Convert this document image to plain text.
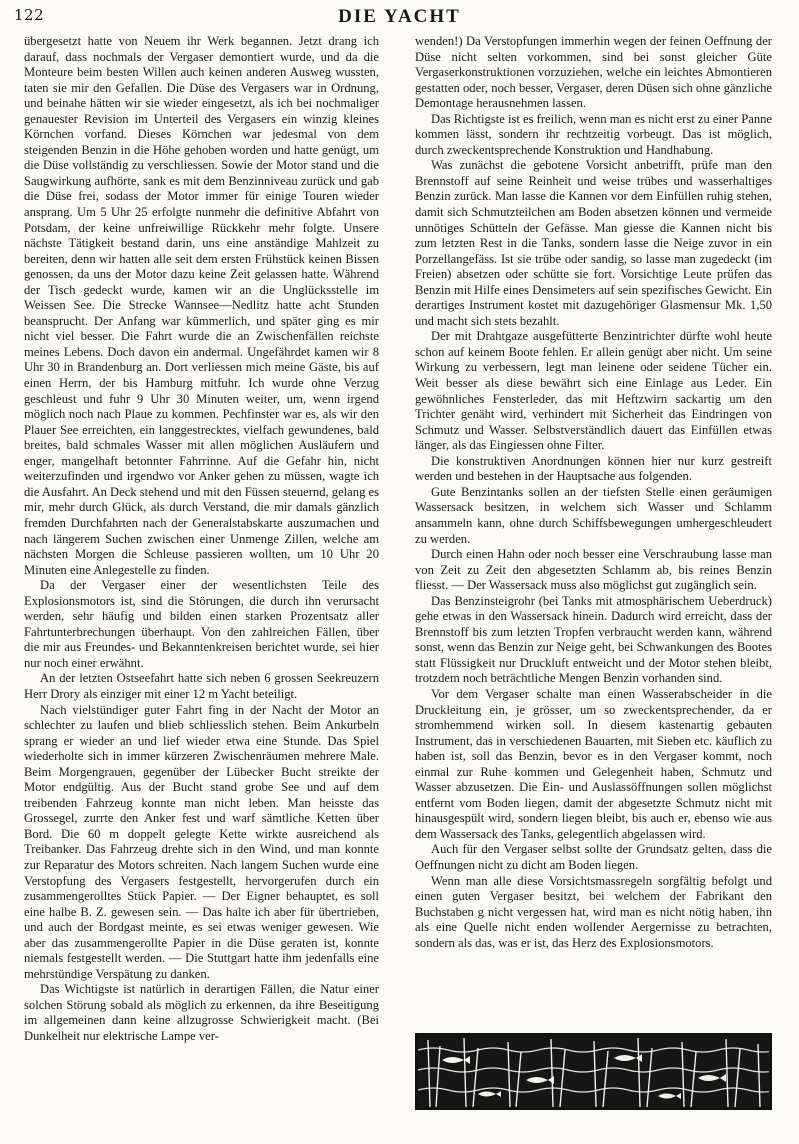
122	DIE YACHT

übergesetzt hatte von Neuem ihr Werk begannen. Jetzt drang ich darauf, dass nochmals der Vergaser demontiert wurde, und da die Monteure beim besten Willen auch keinen anderen Ausweg wussten, taten sie mir den Gefallen. Die Düse des Vergasers war in Ordnung, und beinahe hätten wir sie wieder eingesetzt, als ich bei nochmaliger genauester Revision im Unterteil des Vergasers ein winzig kleines Körnchen vorfand. Dieses Körnchen war jedesmal von dem steigenden Benzin in die Höhe gehoben worden und hatte genügt, um die Düse vollständig zu verschliessen. Sowie der Motor stand und die Saugwirkung aufhörte, sank es mit dem Benzinniveau zurück und gab die Düse frei, sodass der Motor immer für einige Touren wieder ansprang. Um 5 Uhr 25 erfolgte nunmehr die definitive Abfahrt von Potsdam, der keine unfreiwillige Rückkehr mehr folgte. Unsere nächste Tätigkeit bestand darin, uns eine anständige Mahlzeit zu bereiten, denn wir hatten alle seit dem ersten Frühstück keinen Bissen genossen, da uns der Motor dazu keine Zeit gelassen hatte. Während der Tisch gedeckt wurde, kamen wir an die Unglücksstelle im Weissen See. Die Strecke Wannsee—Nedlitz hatte acht Stunden beansprucht. Der Anfang war kümmerlich, und später ging es mir nicht viel besser. Die Fahrt wurde die an Zwischenfällen reichste meines Lebens. Doch davon ein andermal. Ungefährdet kamen wir 8 Uhr 30 in Brandenburg an. Dort verliessen mich meine Gäste, bis auf einen Herrn, der bis Hamburg mitfuhr. Ich wurde ohne Verzug geschleust und fuhr 9 Uhr 30 Minuten weiter, um, wenn irgend möglich noch nach Plaue zu kommen. Pechfinster war es, als wir den Plauer See erreichten, ein langgestrecktes, vielfach gewundenes, bald breites, bald schmales Wasser mit allen möglichen Ausläufern und enger, mangelhaft betonnter Fahrrinne. Auf die Gefahr hin, nicht weiterzufinden und irgendwo vor Anker gehen zu müssen, wagte ich die Ausfahrt. An Deck stehend und mit den Füssen steuernd, gelang es mir, mehr durch Glück, als durch Verstand, die mir damals gänzlich fremden Durchfahrten nach der Generalstabskarte auszumachen und nach längerem Suchen zwischen einer Unmenge Zillen, welche am nächsten Morgen die Schleuse passieren wollten, um 10 Uhr 20 Minuten eine Anlegestelle zu finden.

Da der Vergaser einer der wesentlichsten Teile des Explosionsmotors ist, sind die Störungen, die durch ihn verursacht werden, sehr häufig und bilden einen starken Prozentsatz aller Fahrtunterbrechungen überhaupt. Von den zahlreichen Fällen, über die mir aus Freundes- und Bekanntenkreisen berichtet wurde, sei hier nur noch einer erwähnt.

An der letzten Ostseefahrt hatte sich neben 6 grossen Seekreuzern Herr Drory als einziger mit einer 12 m Yacht beteiligt.

Nach vielstündiger guter Fahrt fing in der Nacht der Motor an schlechter zu laufen und blieb schliesslich stehen. Beim Ankurbeln sprang er wieder an und lief wieder etwa eine Stunde. Das Spiel wiederholte sich in immer kürzeren Zwischenräumen mehrere Male. Beim Morgengrauen, gegenüber der Lübecker Bucht streikte der Motor endgültig. Aus der Bucht stand grobe See und auf dem treibenden Fahrzeug konnte man nicht leben. Man heisste das Grossegel, zurrte den Anker fest und warf sämtliche Ketten über Bord. Die 60 m doppelt gelegte Kette wirkte ausreichend als Treibanker. Das Fahrzeug drehte sich in den Wind, und man konnte zur Reparatur des Motors schreiten. Nach langem Suchen wurde eine Verstopfung des Vergasers festgestellt, hervorgerufen durch ein zusammengerolltes Stück Papier. — Der Eigner behauptet, es soll eine halbe B. Z. gewesen sein. — Das halte ich aber für übertrieben, und auch der Bordgast meinte, es sei etwas weniger gewesen. Wie aber das zusammengerollte Papier in die Düse geraten ist, konnte niemals festgestellt werden. — Die Stuttgart hatte ihm jedenfalls eine mehrstündige Verspätung zu danken.

Das Wichtigste ist natürlich in derartigen Fällen, die Natur einer solchen Störung sobald als möglich zu erkennen, da ihre Beseitigung im allgemeinen dann keine allzugrosse Schwierigkeit macht. (Bei Dunkelheit nur elektrische Lampe ver-

wenden!) Da Verstopfungen immerhin wegen der feinen Oeffnung der Düse nicht selten vorkommen, sind bei sonst gleicher Güte Vergaserkonstruktionen vorzuziehen, welche ein leichtes Abmontieren gestatten oder, noch besser, Vergaser, deren Düsen sich ohne gänzliche Demontage herausnehmen lassen.

Das Richtigste ist es freilich, wenn man es nicht erst zu einer Panne kommen lässt, sondern ihr rechtzeitig vorbeugt. Das ist möglich, durch zweckentsprechende Konstruktion und Handhabung.

Was zunächst die gebotene Vorsicht anbetrifft, prüfe man den Brennstoff auf seine Reinheit und weise trübes und wasserhaltiges Benzin zurück. Man lasse die Kannen vor dem Einfüllen ruhig stehen, damit sich Schmutzteilchen am Boden absetzen können und vermeide unnötiges Schütteln der Gefässe. Man giesse die Kannen nicht bis zum letzten Rest in die Tanks, sondern lasse die Neige zuvor in ein Porzellangefäss. Ist sie trübe oder sandig, so lasse man zugedeckt (im Freien) absetzen oder schütte sie fort. Vorsichtige Leute prüfen das Benzin mit Hilfe eines Densimeters auf sein spezifisches Gewicht. Ein derartiges Instrument kostet mit dazugehöriger Glasmensur Mk. 1,50 und macht sich stets bezahlt.

Der mit Drahtgaze ausgefütterte Benzintrichter dürfte wohl heute schon auf keinem Boote fehlen. Er allein genügt aber nicht. Um seine Wirkung zu verbessern, legt man leinene oder seidene Tücher ein. Weit besser als diese bewährt sich eine Einlage aus Leder. Ein gewöhnliches Fensterleder, das mit Heftzwirn sackartig um den Trichter genäht wird, verhindert mit Sicherheit das Eindringen von Schmutz und Wasser. Selbstverständlich dauert das Einfüllen etwas länger, als das Eingiessen ohne Filter.

Die konstruktiven Anordnungen können hier nur kurz gestreift werden und bestehen in der Hauptsache aus folgenden.

Gute Benzintanks sollen an der tiefsten Stelle einen geräumigen Wassersack besitzen, in welchem sich Wasser und Schlamm ansammeln kann, ohne durch Schiffsbewegungen umhergeschleudert zu werden.

Durch einen Hahn oder noch besser eine Verschraubung lasse man von Zeit zu Zeit den abgesetzten Schlamm ab, bis reines Benzin fliesst. — Der Wassersack muss also möglichst gut zugänglich sein.

Das Benzinsteigrohr (bei Tanks mit atmosphärischem Ueberdruck) gehe etwas in den Wassersack hinein. Dadurch wird erreicht, dass der Brennstoff bis zum letzten Tropfen verbraucht werden kann, während sonst, wenn das Benzin zur Neige geht, bei Schwankungen des Bootes statt Flüssigkeit nur Druckluft entweicht und der Motor stehen bleibt, trotzdem noch beträchtliche Mengen Benzin vorhanden sind.

Vor dem Vergaser schalte man einen Wasserabscheider in die Druckleitung ein, je grösser, um so zweckentsprechender, da er stromhemmend wirken soll. In diesem kastenartig gebauten Instrument, das in verschiedenen Bauarten, mit Sieben etc. käuflich zu haben ist, soll das Benzin, bevor es in den Vergaser kommt, noch einmal zur Ruhe kommen und Gelegenheit haben, Schmutz und Wasser abzusetzen. Die Ein- und Auslassöffnungen sollen möglichst entfernt vom Boden liegen, damit der abgesetzte Schmutz nicht mit hinausgespült wird, sondern liegen bleibt, bis auch er, ebenso wie aus dem Wassersack des Tanks, gelegentlich abgelassen wird.

Auch für den Vergaser selbst sollte der Grundsatz gelten, dass die Oeffnungen nicht zu dicht am Boden liegen.

Wenn man alle diese Vorsichtsmassregeln sorgfältig befolgt und einen guten Vergaser besitzt, bei welchem der Fabrikant den Buchstaben g nicht vergessen hat, wird man es nicht nötig haben, ihn als eine Quelle nicht enden wollender Aergernisse zu betrachten, sondern als das, was er ist, das Herz des Explosionsmotors.
